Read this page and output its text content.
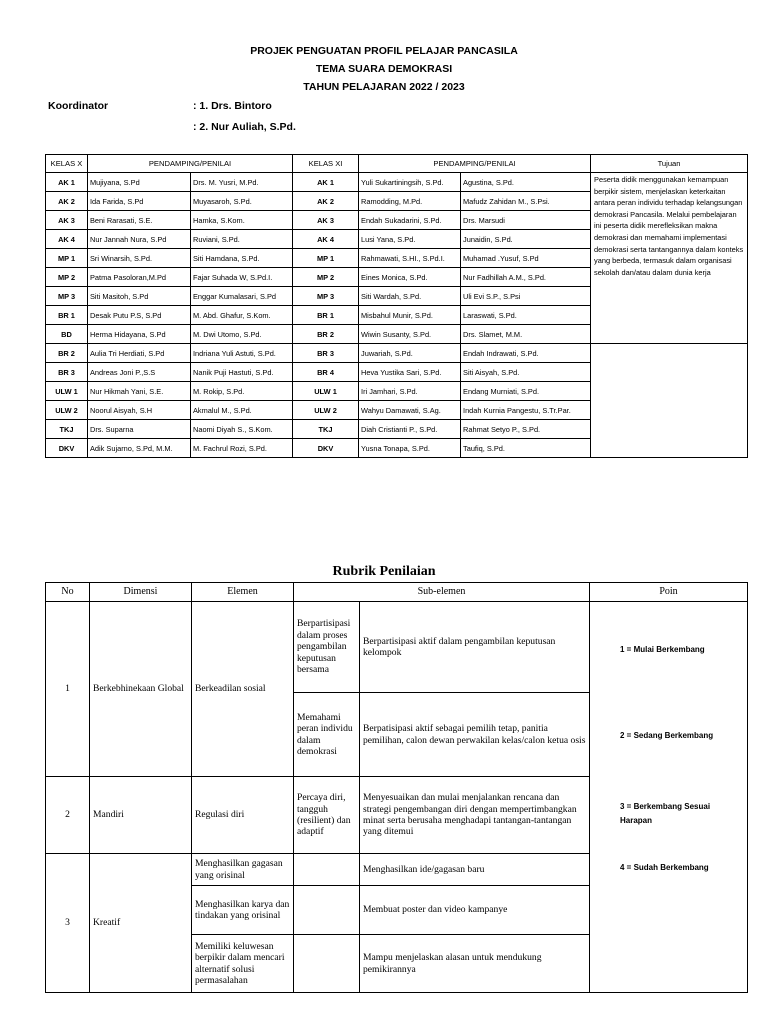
PROJEK PENGUATAN PROFIL PELAJAR PANCASILA
TEMA SUARA DEMOKRASI
TAHUN PELAJARAN 2022 / 2023
Koordinator	: 1. Drs. Bintoro
: 2. Nur Auliah, S.Pd.
KELAS X	PENDAMPING/PENILAI		KELAS XI	PENDAMPING/PENILAI		Tujuan
AK 1	Mujiyana, S.Pd	Drs. M. Yusri, M.Pd.	AK 1	Yuli Sukartiningsih, S.Pd.	Agustina, S.Pd.	Peserta didik menggunakan kemampuan berpikir sistem, menjelaskan keterkaitan antara peran individu terhadap kelangsungan demokrasi Pancasila. Melalui pembelajaran ini peserta didik merefleksikan makna demokrasi dan memahami implementasi demokrasi serta tantangannya dalam konteks yang berbeda, termasuk dalam organisasi sekolah dan/atau dalam dunia kerja
AK 2	Ida Farida, S.Pd	Muyasaroh, S.Pd.	AK 2	Ramodding, M.Pd.	Mafudz Zahidan M., S.Psi.	
AK 3	Beni Rarasati, S.E.	Hamka, S.Kom.	AK 3	Endah Sukadarini, S.Pd.	Drs. Marsudi	
AK 4	Nur Jannah Nura, S.Pd	Ruviani, S.Pd.	AK 4	Lusi Yana, S.Pd.	Junaidin, S.Pd.	
MP 1	Sri Winarsih, S.Pd.	Siti Hamdana, S.Pd.	MP 1	Rahmawati, S.HI., S.Pd.I.	Muhamad .Yusuf, S.Pd	
MP 2	Patma Pasoloran,M.Pd	Fajar Suhada W, S.Pd.I.	MP 2	Eines Monica, S.Pd.	Nur Fadhillah A.M., S.Pd.	
MP 3	Siti Masitoh, S.Pd	Enggar Kumalasari, S.Pd	MP 3	Siti Wardah, S.Pd.	Uli Evi S.P., S.Psi	
BR 1	Desak Putu P.S, S.Pd	M. Abd. Ghafur, S.Kom.	BR 1	Misbahul Munir, S.Pd.	Laraswati, S.Pd.	
BD	Herma Hidayana, S.Pd	M. Dwi Utomo, S.Pd.	BR 2	Wiwin Susanty, S.Pd.	Drs. Slamet, M.M.	
BR 2	Aulia Tri Herdiati, S.Pd	Indriana Yuli Astuti, S.Pd.	BR 3	Juwariah, S.Pd.	Endah Indrawati, S.Pd.	
BR 3	Andreas Joni P.,S.S	Nanik Puji Hastuti, S.Pd.	BR 4	Heva Yustika Sari, S.Pd.	Siti Aisyah, S.Pd.	
ULW 1	Nur Hikmah Yani, S.E.	M. Rokip, S.Pd.	ULW 1	Iri Jamhari, S.Pd.	Endang Murniati, S.Pd.	
ULW 2	Noorul Aisyah, S.H	Akmalul M., S.Pd.	ULW 2	Wahyu Damawati, S.Ag.	Indah Kurnia Pangestu, S.Tr.Par.	
TKJ	Drs. Suparna	Naomi Diyah S., S.Kom.	TKJ	Diah Cristianti P., S.Pd.	Rahmat Setyo P., S.Pd.	
DKV	Adik Sujarno, S.Pd, M.M.	M. Fachrul Rozi, S.Pd.	DKV	Yusna Tonapa, S.Pd.	Taufiq, S.Pd.	
Rubrik Penilaian
No	Dimensi	Elemen	Sub-elemen		Poin
1	Berkebhinekaan Global	Berkeadilan sosial	Berpartisipasi dalam proses pengambilan keputusan bersama	Berpartisipasi aktif dalam pengambilan keputusan kelompok	
			Memahami peran individu dalam demokrasi	Berpatisipasi aktif sebagai pemilih tetap, panitia pemilihan, calon dewan perwakilan kelas/calon ketua osis	
2	Mandiri	Regulasi diri	Percaya diri, tangguh (resilient) dan adaptif	Menyesuaikan dan mulai menjalankan rencana dan strategi pengembangan diri dengan mempertimbangkan minat serta berusaha menghadapi tantangan-tantangan yang ditemui	
3	Kreatif	Menghasilkan gagasan yang orisinal		Menghasilkan ide/gagasan baru	
		Menghasilkan karya dan tindakan yang orisinal		Membuat poster dan video kampanye	
		Memiliki keluwesan berpikir dalam mencari alternatif solusi permasalahan		Mampu menjelaskan alasan untuk mendukung pemikirannya	
1 = Mulai Berkembang
2 = Sedang Berkembang
3 = Berkembang Sesuai Harapan
4 = Sudah Berkembang
